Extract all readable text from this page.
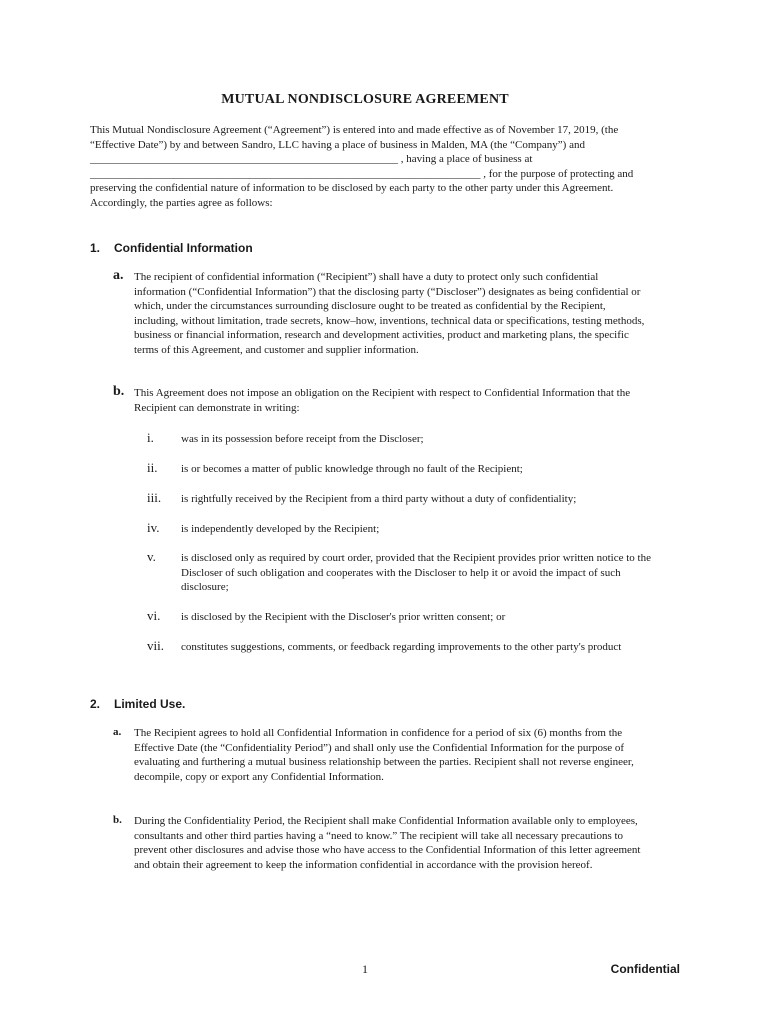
MUTUAL NONDISCLOSURE AGREEMENT

This Mutual Nondisclosure Agreement (“Agreement”) is entered into and made effective as of November 17, 2019, (the “Effective Date”) by and between Sandro, LLC having a place of business in Malden, MA (the “Company”) and ________________________________________________________ , having a place of business at _______________________________________________________________________ , for the purpose of protecting and preserving the confidential nature of information to be disclosed by each party to the other party under this Agreement. Accordingly, the parties agree as follows:

1.	Confidential Information
a. The recipient of confidential information (“Recipient”) shall have a duty to protect only such confidential information (“Confidential Information”) that the disclosing party (“Discloser”) designates as being confidential or which, under the circumstances surrounding disclosure ought to be treated as confidential by the Recipient, including, without limitation, trade secrets, know–how, inventions, technical data or specifications, testing methods, business or financial information, research and development activities, product and marketing plans, the specific terms of this Agreement, and customer and supplier information.

b. This Agreement does not impose an obligation on the Recipient with respect to Confidential Information that the Recipient can demonstrate in writing:

i. was in its possession before receipt from the Discloser;

ii. is or becomes a matter of public knowledge through no fault of the Recipient;

iii. is rightfully received by the Recipient from a third party without a duty of confidentiality;

iv. is independently developed by the Recipient;

v. is disclosed only as required by court order, provided that the Recipient provides prior written notice to the Discloser of such obligation and cooperates with the Discloser to help it or avoid the impact of such disclosure;

vi. is disclosed by the Recipient with the Discloser's prior written consent; or

vii. constitutes suggestions, comments, or feedback regarding improvements to the other party's product

2.	Limited Use.
a. The Recipient agrees to hold all Confidential Information in confidence for a period of six (6) months from the Effective Date (the “Confidentiality Period”) and shall only use the Confidential Information for the purpose of evaluating and furthering a mutual business relationship between the parties. Recipient shall not reverse engineer, decompile, copy or export any Confidential Information.

b. During the Confidentiality Period, the Recipient shall make Confidential Information available only to employees, consultants and other third parties having a “need to know.” The recipient will take all necessary precautions to prevent other disclosures and advise those who have access to the Confidential Information of this letter agreement and obtain their agreement to keep the information confidential in accordance with the provision hereof.

1	Confidential
